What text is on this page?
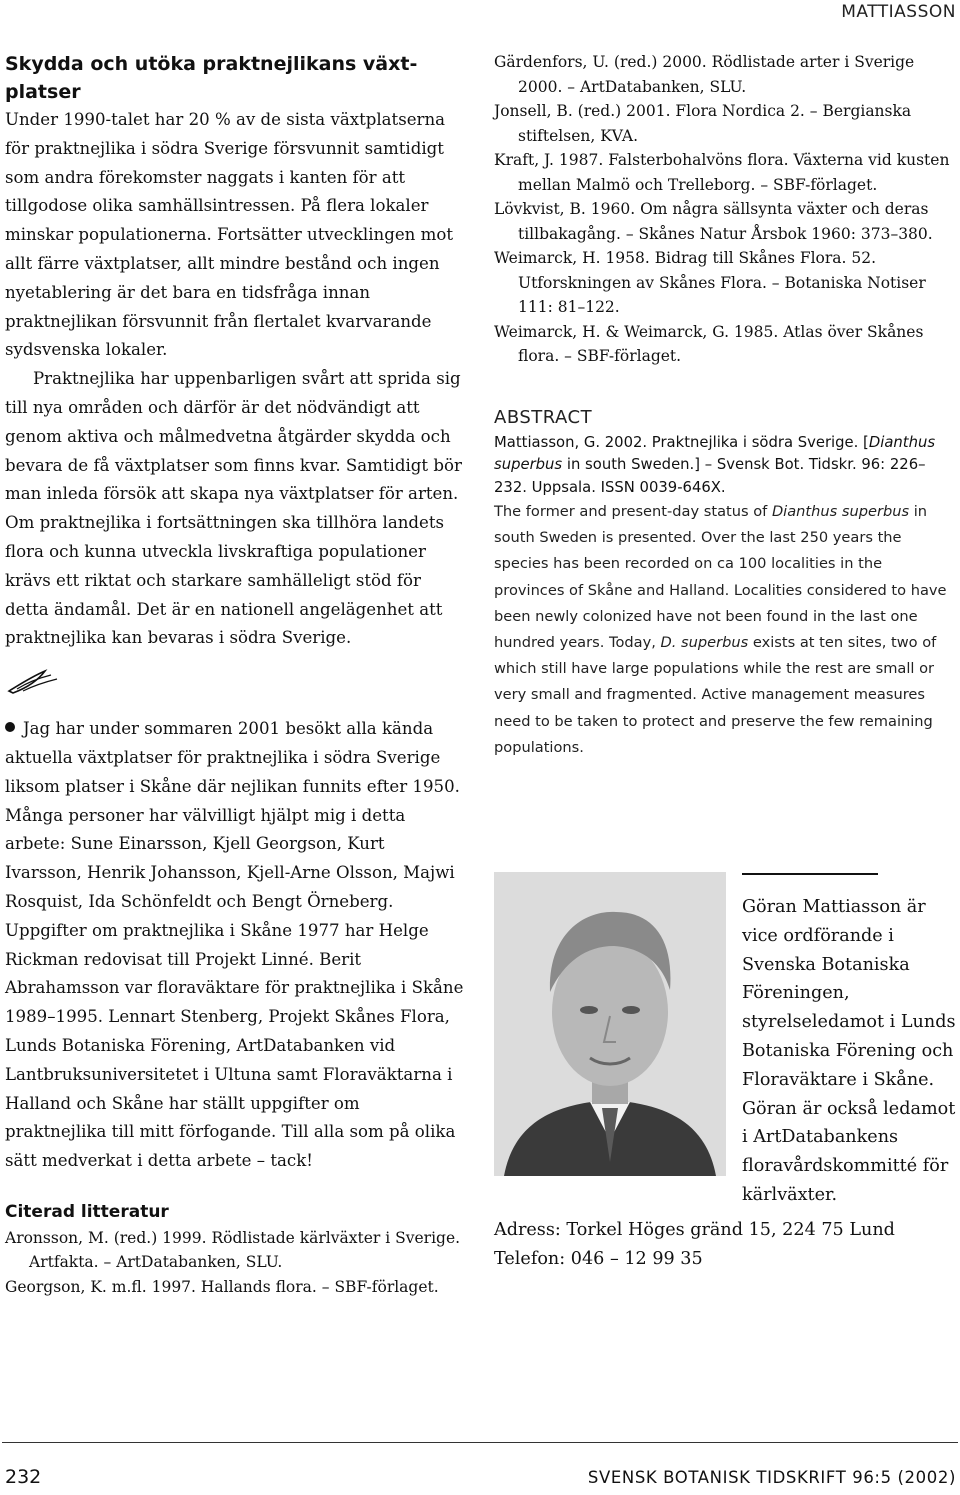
MATTIASSON
Skydda och utöka praktnejlikans växtplatser

Under 1990-talet har 20 % av de sista växtplatserna för praktnejlika i södra Sverige försvunnit samtidigt som andra förekomster naggats i kanten för att tillgodose olika samhällsintressen. På flera lokaler minskar populationerna. Fortsätter utvecklingen mot allt färre växtplatser, allt mindre bestånd och ingen nyetablering är det bara en tidsfråga innan praktnejlikan försvunnit från flertalet kvarvarande sydsvenska lokaler.

Praktnejlika har uppenbarligen svårt att sprida sig till nya områden och därför är det nödvändigt att genom aktiva och målmedvetna åtgärder skydda och bevara de få växtplatser som finns kvar. Samtidigt bör man inleda försök att skapa nya växtplatser för arten. Om praktnejlika i fortsättningen ska tillhöra landets flora och kunna utveckla livskraftiga populationer krävs ett riktat och starkare samhälleligt stöd för detta ändamål. Det är en nationell angelägenhet att praktnejlika kan bevaras i södra Sverige.

Jag har under sommaren 2001 besökt alla kända aktuella växtplatser för praktnejlika i södra Sverige liksom platser i Skåne där nejlikan funnits efter 1950. Många personer har välvilligt hjälpt mig i detta arbete: Sune Einarsson, Kjell Georgson, Kurt Ivarsson, Henrik Johansson, Kjell-Arne Olsson, Majwi Rosquist, Ida Schönfeldt och Bengt Örneberg. Uppgifter om praktnejlika i Skåne 1977 har Helge Rickman redovisat till Projekt Linné. Berit Abrahamsson var floraväktare för praktnejlika i Skåne 1989–1995. Lennart Stenberg, Projekt Skånes Flora, Lunds Botaniska Förening, ArtDatabanken vid Lantbruksuniversitetet i Ultuna samt Floraväktarna i Halland och Skåne har ställt uppgifter om praktnejlika till mitt förfogande. Till alla som på olika sätt medverkat i detta arbete – tack!

Citerad litteratur

Aronsson, M. (red.) 1999. Rödlistade kärlväxter i Sverige. Artfakta. – ArtDatabanken, SLU.

Georgson, K. m.fl. 1997. Hallands flora. – SBF-förlaget.

Gärdenfors, U. (red.) 2000. Rödlistade arter i Sverige 2000. – ArtDatabanken, SLU.

Jonsell, B. (red.) 2001. Flora Nordica 2. – Bergianska stiftelsen, KVA.

Kraft, J. 1987. Falsterbohalvöns flora. Växterna vid kusten mellan Malmö och Trelleborg. – SBF-förlaget.

Lövkvist, B. 1960. Om några sällsynta växter och deras tillbakagång. – Skånes Natur Årsbok 1960: 373–380.

Weimarck, H. 1958. Bidrag till Skånes Flora. 52. Utforskningen av Skånes Flora. – Botaniska Notiser 111: 81–122.

Weimarck, H. & Weimarck, G. 1985. Atlas över Skånes flora. – SBF-förlaget.

ABSTRACT

Mattiasson, G. 2002. Praktnejlika i södra Sverige. [Dianthus superbus in south Sweden.] – Svensk Bot. Tidskr. 96: 226–232. Uppsala. ISSN 0039-646X.

The former and present-day status of Dianthus superbus in south Sweden is presented. Over the last 250 years the species has been recorded on ca 100 localities in the provinces of Skåne and Halland. Localities considered to have been newly colonized have not been found in the last one hundred years. Today, D. superbus exists at ten sites, two of which still have large populations while the rest are small or very small and fragmented. Active management measures need to be taken to protect and preserve the few remaining populations.

Göran Mattiasson är vice ordförande i Svenska Botaniska Föreningen, styrelseledamot i Lunds Botaniska Förening och Floraväktare i Skåne. Göran är också ledamot i ArtDatabankens floravårdskommitté för kärlväxter.

Adress: Torkel Höges gränd 15, 224 75 Lund
Telefon: 046 – 12 99 35
232	SVENSK BOTANISK TIDSKRIFT 96:5 (2002)
